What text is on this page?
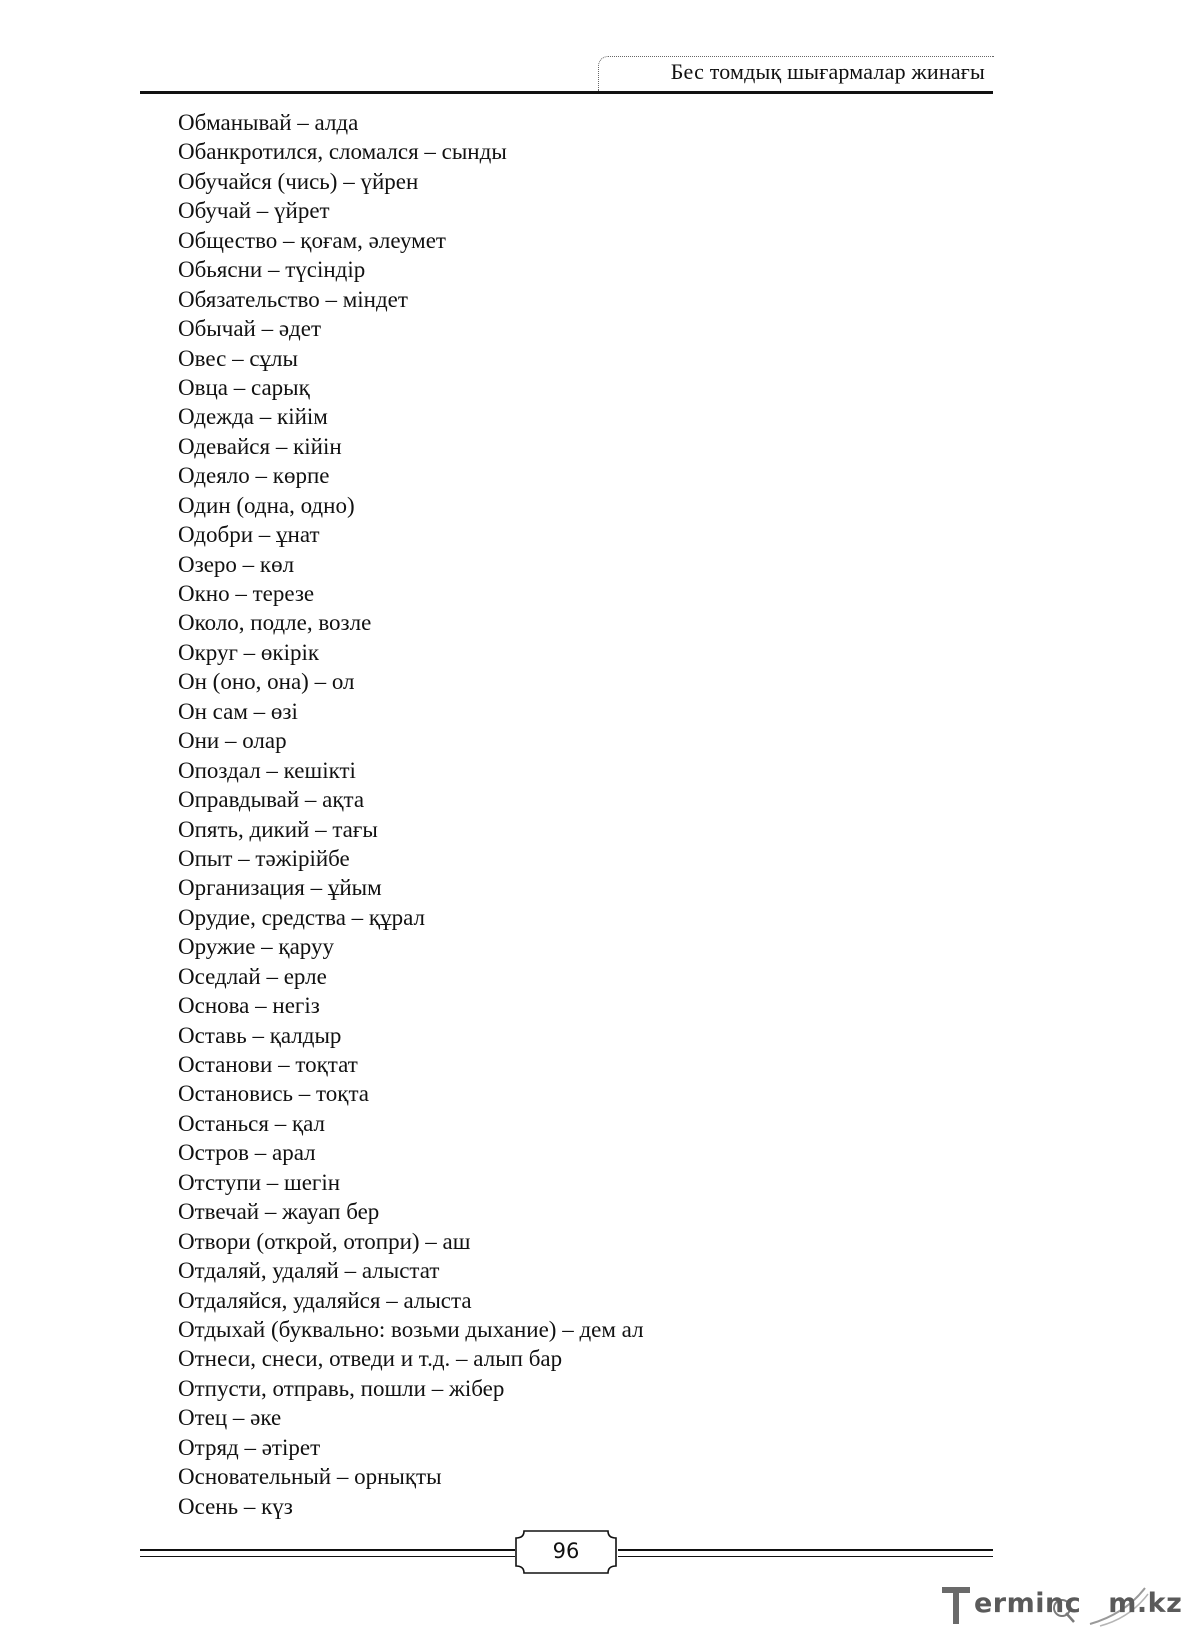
Бес томдық шығармалар жинағы
Обманывай – алда
Обанкротился, сломался – сынды
Обучайся (чись) – үйрен
Обучай – үйрет
Общество – қоғам, әлеумет
Обьясни – түсіндір
Обязательство – міндет
Обычай – әдет
Овес – сұлы
Овца – сарық
Одежда – кійім
Одевайся – кійін
Одеяло – көрпе
Один (одна, одно)
Одобри – ұнат
Озеро – көл
Окно – терезе
Около, подле, возле
Округ – өкірік
Он (оно, она) – ол
Он сам – өзі
Они – олар
Опоздал – кешікті
Оправдывай – ақта
Опять, дикий – тағы
Опыт – тәжірійбе
Организация – ұйым
Орудие, средства – құрал
Оружие – қаруу
Оседлай – ерле
Основа – негіз
Оставь – қалдыр
Останови – тоқтат
Остановись – тоқта
Останься – қал
Остров – арал
Отступи – шегін
Отвечай – жауап бер
Отвори (открой, отопри) – аш
Отдаляй, удаляй – алыстат
Отдаляйся, удаляйся – алыста
Отдыхай (буквально: возьми дыхание) – дем ал
Отнеси, снеси, отведи и т.д. – алып бар
Отпусти, отправь, пошли – жібер
Отец – әке
Отряд – әтірет
Основательный – орнықты
Осень – күз
96
erminc m.kz
